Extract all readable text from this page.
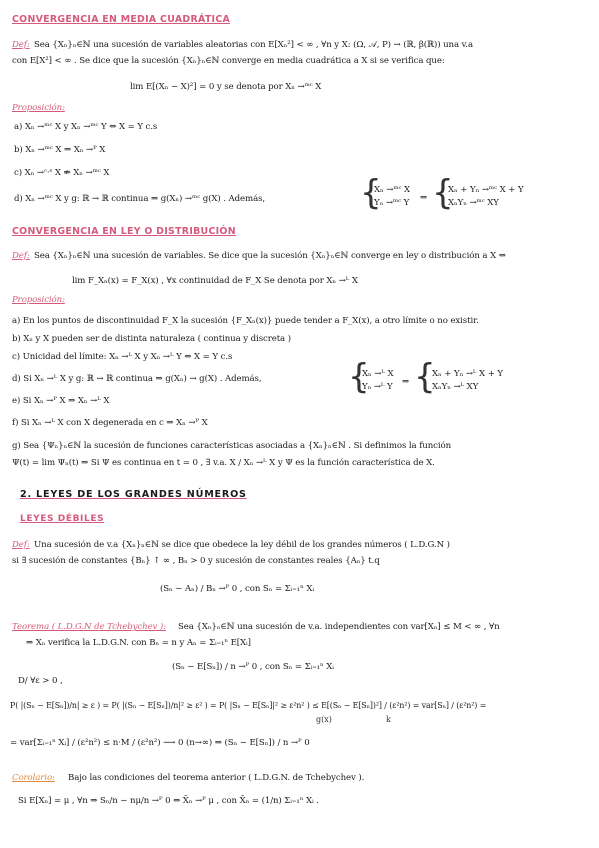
CONVERGENCIA EN MEDIA CUADRÁTICA
Def: Sea {Xₙ}ₙ∈ℕ una sucesión de variables aleatorias con E[Xₙ²] < ∞ , ∀n y X: (Ω, 𝒜, P) → (ℝ, β(ℝ)) una v.a
con E[X²] < ∞ . Se dice que la sucesión {Xₙ}ₙ∈ℕ converge en media cuadrática a X si se verifica que:
lim E[(Xₙ − X)²] = 0 y se denota por Xₙ →ᵐᶜ X
Proposición:
a) Xₙ →ᵐᶜ X y Xₙ →ᵐᶜ Y ⇔ X = Y c.s
b) Xₙ →ᵐᶜ X ⇒ Xₙ →ᴾ X
c) Xₙ →ᶜ·ˢ X ⇏ Xₙ →ᵐᶜ X
d) Xₙ →ᵐᶜ X y g: ℝ → ℝ continua ⇒ g(Xₙ) →ᵐᶜ g(X) . Además,	{
Xₙ →ᵐᶜ X
Yₙ →ᵐᶜ Y ⇒ {
Xₙ + Yₙ →ᵐᶜ X + Y
XₙYₙ →ᵐᶜ XY
CONVERGENCIA EN LEY O DISTRIBUCIÓN
Def: Sea {Xₙ}ₙ∈ℕ una sucesión de variables. Se dice que la sucesión {Xₙ}ₙ∈ℕ converge en ley o distribución a X ⇔
lim F_Xₙ(x) = F_X(x) , ∀x continuidad de F_X Se denota por Xₙ →ᴸ X
Proposición:
a) En los puntos de discontinuidad F_X la sucesión {F_Xₙ(x)} puede tender a F_X(x), a otro límite o no existir.
b) Xₙ y X pueden ser de distinta naturaleza ( continua y discreta )
c) Unicidad del límite: Xₙ →ᴸ X y Xₙ →ᴸ Y ⇔ X = Y c.s
d) Si Xₙ →ᴸ X y g: ℝ → ℝ continua ⇒ g(Xₙ) → g(X) . Además,
e) Si Xₙ →ᴾ X ⇒ Xₙ →ᴸ X
{
Xₙ →ᴸ X
Yₙ →ᴸ Y ⇒ {
Xₙ + Yₙ →ᴸ X + Y
XₙYₙ →ᴸ XY
f) Si Xₙ →ᴸ X con X degenerada en c ⇒ Xₙ →ᴾ X
g) Sea {Ψₙ}ₙ∈ℕ la sucesión de funciones características asociadas a {Xₙ}ₙ∈ℕ . Si definimos la función
Ψ(t) = lim Ψₙ(t) ⇒ Si Ψ es continua en t = 0 , ∃ v.a. X / Xₙ →ᴸ X y Ψ es la función característica de X.
2. LEYES DE LOS GRANDES NÚMEROS
LEYES DÉBILES
Def: Una sucesión de v.a {Xₙ}ₙ∈ℕ se dice que obedece la ley débil de los grandes números ( L.D.G.N )
si ∃ sucesión de constantes {Bₙ} ↑ ∞ , Bₙ > 0 y sucesión de constantes reales {Aₙ} t.q
(Sₙ − Aₙ) / Bₙ →ᴾ 0 , con Sₙ = Σᵢ₌₁ⁿ Xᵢ
Teorema ( L.D.G.N de Tchebychev ): Sea {Xₙ}ₙ∈ℕ una sucesión de v.a. independientes con var[Xₙ] ≤ M < ∞ , ∀n
⇒ Xₙ verifica la L.D.G.N. con Bₙ = n y Aₙ = Σᵢ₌₁ⁿ E[Xᵢ]
(Sₙ − E[Sₙ]) / n →ᴾ 0 , con Sₙ = Σᵢ₌₁ⁿ Xᵢ
D/ ∀ε > 0 ,
P( |(Sₙ − E[Sₙ])/n| ≥ ε ) = P( |(Sₙ − E[Sₙ])/n|² ≥ ε² ) = P( |Sₙ − E[Sₙ]|² ≥ ε²n² ) ≤ E[(Sₙ − E[Sₙ])²] / (ε²n²) = var[Sₙ] / (ε²n²) =
g(x)	k
= var[Σᵢ₌₁ⁿ Xᵢ] / (ε²n²) ≤ n·M / (ε²n²) ⟶ 0 (n→∞) ⇒ (Sₙ − E[Sₙ]) / n →ᴾ 0
Corolario: Bajo las condiciones del teorema anterior ( L.D.G.N. de Tchebychev ).
Si E[Xₙ] = μ , ∀n ⇒ Sₙ/n − nμ/n →ᴾ 0 ⇔ X̄ₙ →ᴾ μ , con X̄ₙ = (1/n) Σᵢ₌₁ⁿ Xᵢ .
